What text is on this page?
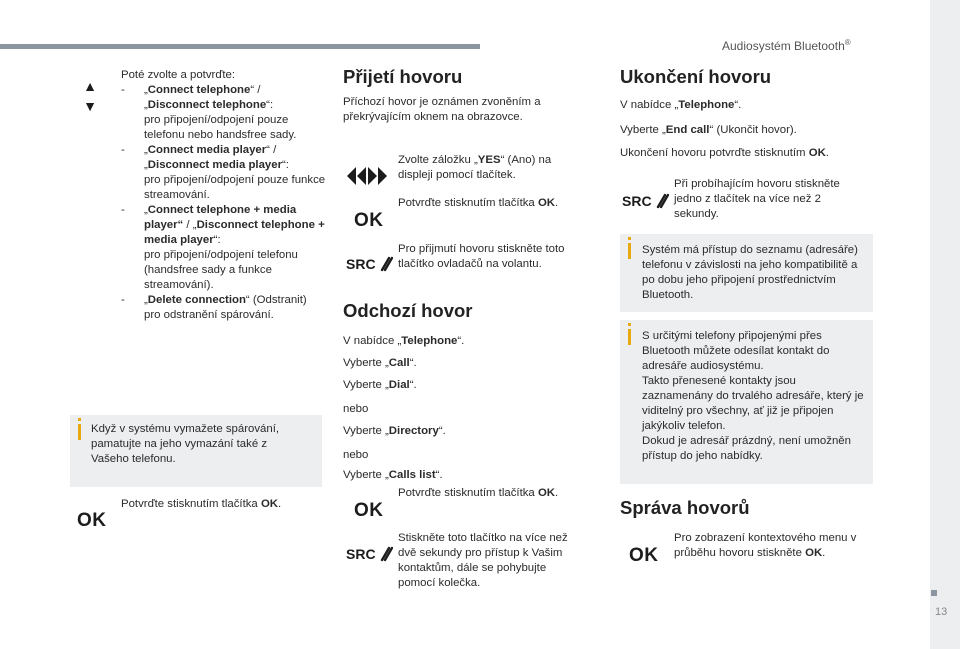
Audiosystém Bluetooth®
13
▲
▼
Poté zvolte a potvrďte:
- „Connect telephone“ / „Disconnect telephone“:
pro připojení/odpojení pouze telefonu nebo handsfree sady.
- „Connect media player“ / „Disconnect media player“:
pro připojení/odpojení pouze funkce streamování.
- „Connect telephone + media player“ / „Disconnect telephone + media player“:
pro připojení/odpojení telefonu (handsfree sady a funkce streamování).
- „Delete connection“ (Odstranit)
pro odstranění spárování.
Když v systému vymažete spárování, pamatujte na jeho vymazání také z Vašeho telefonu.
OK
Potvrďte stisknutím tlačítka OK.
Přijetí hovoru
Příchozí hovor je oznámen zvoněním a překrývajícím oknem na obrazovce.
Zvolte záložku „YES“ (Ano) na displeji pomocí tlačítek.
OK
Potvrďte stisknutím tlačítka OK.
SRC
Pro přijmutí hovoru stiskněte toto tlačítko ovladačů na volantu.
Odchozí hovor
V nabídce „Telephone“.
Vyberte „Call“.
Vyberte „Dial“.
nebo
Vyberte „Directory“.
nebo
Vyberte „Calls list“.
OK
Potvrďte stisknutím tlačítka OK.
SRC
Stiskněte toto tlačítko na více než dvě sekundy pro přístup k Vašim kontaktům, dále se pohybujte pomocí kolečka.
Ukončení hovoru
V nabídce „Telephone“.
Vyberte „End call“ (Ukončit hovor).
Ukončení hovoru potvrďte stisknutím OK.
SRC
Při probíhajícím hovoru stiskněte jedno z tlačítek na více než 2 sekundy.
Systém má přístup do seznamu (adresáře) telefonu v závislosti na jeho kompatibilitě a po dobu jeho připojení prostřednictvím Bluetooth.
S určitými telefony připojenými přes Bluetooth můžete odesílat kontakt do adresáře audiosystému.
Takto přenesené kontakty jsou zaznamenány do trvalého adresáře, který je viditelný pro všechny, ať již je připojen jakýkoliv telefon.
Dokud je adresář prázdný, není umožněn přístup do jeho nabídky.
Správa hovorů
OK
Pro zobrazení kontextového menu v průběhu hovoru stiskněte OK.
